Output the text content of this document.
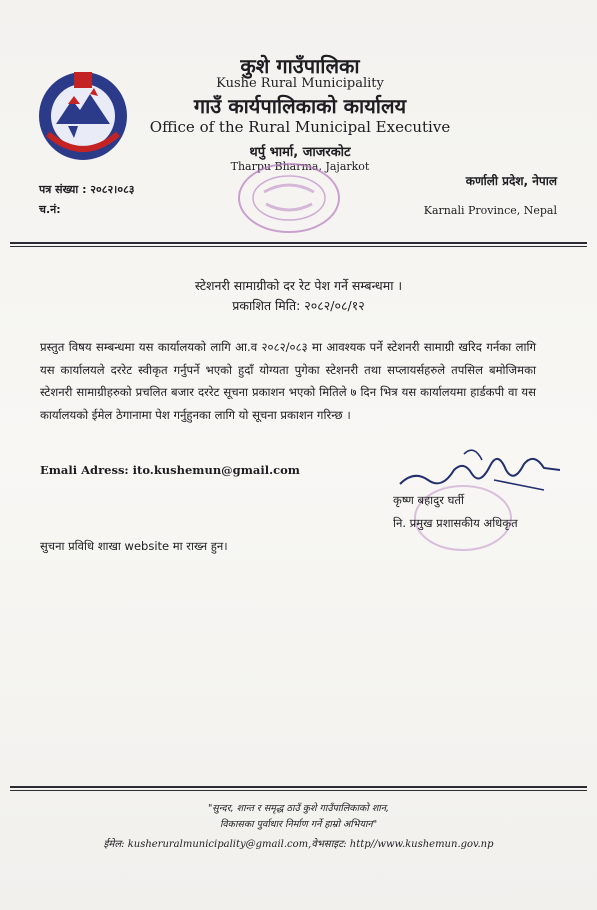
कुशे गाउँपालिका
Kushe Rural Municipality
गाउँ कार्यपालिकाको कार्यालय
Office of the Rural Municipal Executive
थर्पु भार्मा, जाजरकोट
Tharpu Bharma, Jajarkot
पत्र संख्या : २०८२।०८३
च.नं:
कर्णाली प्रदेश, नेपाल
Karnali Province, Nepal
स्टेशनरी सामाग्रीको दर रेट पेश गर्ने सम्बन्धमा ।
प्रकाशित मिति: २०८२/०८/१२
प्रस्तुत विषय सम्बन्धमा यस कार्यालयको लागि आ.व २०८२/०८३ मा आवश्यक पर्ने स्टेशनरी सामाग्री खरिद गर्नका लागि यस कार्यालयले दररेट स्वीकृत गर्नुपर्ने भएको हुदाँ योग्यता पुगेका स्टेशनरी तथा सप्लायर्सहरुले तपसिल बमोजिमका स्टेशनरी सामाग्रीहरुको प्रचलित बजार दररेट सूचना प्रकाशन भएको मितिले ७ दिन भित्र यस कार्यालयमा हार्डकपी वा यस कार्यालयको ईमेल ठेगानामा पेश गर्नुहुनका लागि यो सूचना प्रकाशन गरिन्छ ।
Emali Adress: ito.kushemun@gmail.com
कृष्ण बहादुर घर्ती
नि. प्रमुख प्रशासकीय अधिकृत
सुचना प्रविधि शाखा website मा राख्न हुन।
"सुन्दर, शान्त र समृद्ध ठाउँ कुशे गाउँपालिकाको शान,
विकासका पुर्वाधार निर्माण गर्ने हाम्रो अभियान"
ईमेल: kusheruralmunicipality@gmail.com,वेभसाइट: http//www.kushemun.gov.np
